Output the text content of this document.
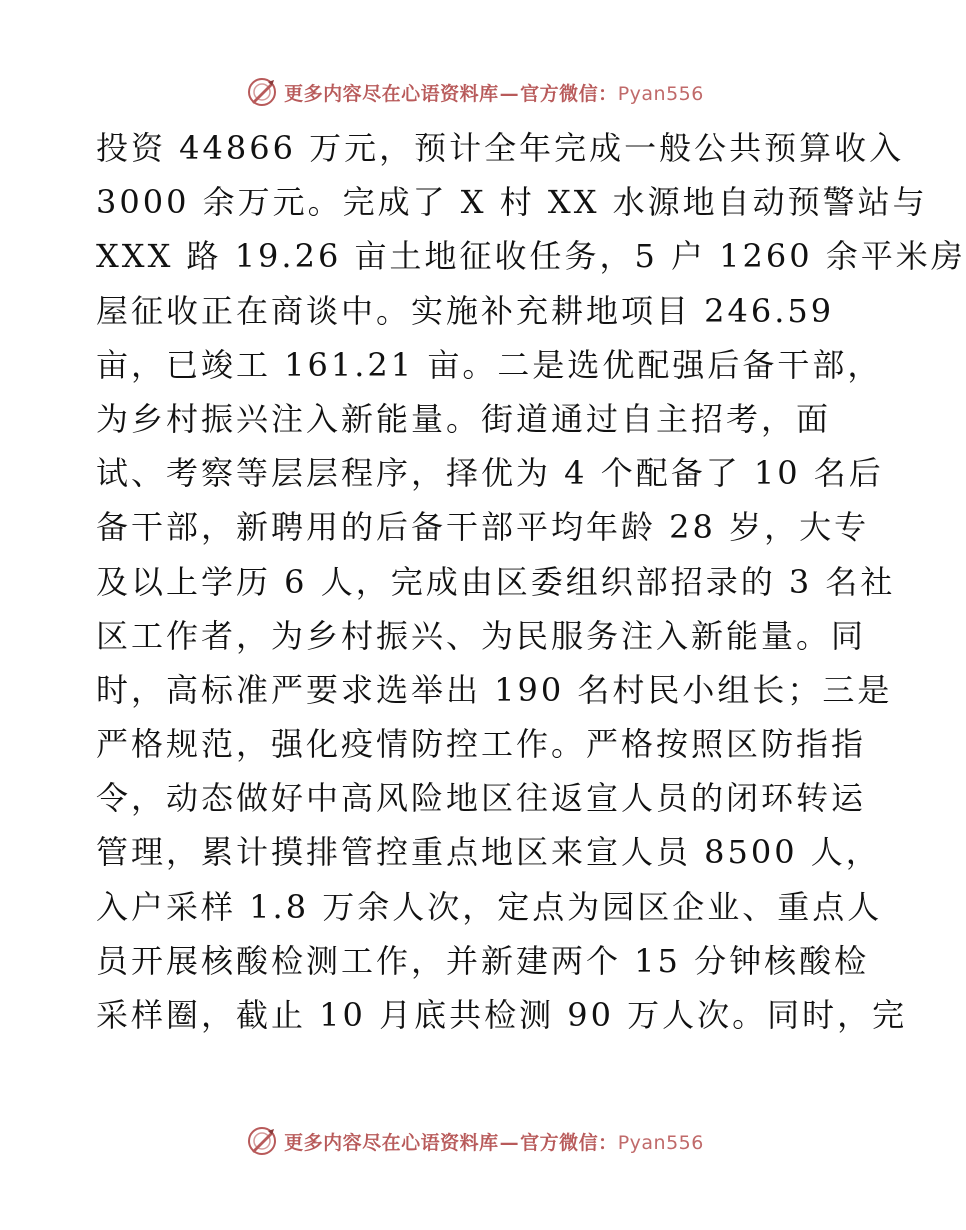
更多内容尽在心语资料库—官方微信：Pyan556
投资 44866 万元，预计全年完成一般公共预算收入
3000 余万元。完成了 X 村 XX 水源地自动预警站与
XXX 路 19.26 亩土地征收任务，5 户 1260 余平米房
屋征收正在商谈中。实施补充耕地项目 246.59
亩，已竣工 161.21 亩。二是选优配强后备干部，
为乡村振兴注入新能量。街道通过自主招考，面
试、考察等层层程序，择优为 4 个配备了 10 名后
备干部，新聘用的后备干部平均年龄 28 岁，大专
及以上学历 6 人，完成由区委组织部招录的 3 名社
区工作者，为乡村振兴、为民服务注入新能量。同
时，高标准严要求选举出 190 名村民小组长；三是
严格规范，强化疫情防控工作。严格按照区防指指
令，动态做好中高风险地区往返宣人员的闭环转运
管理，累计摸排管控重点地区来宣人员 8500 人，
入户采样 1.8 万余人次，定点为园区企业、重点人
员开展核酸检测工作，并新建两个 15 分钟核酸检
采样圈，截止 10 月底共检测 90 万人次。同时，完
更多内容尽在心语资料库—官方微信：Pyan556
